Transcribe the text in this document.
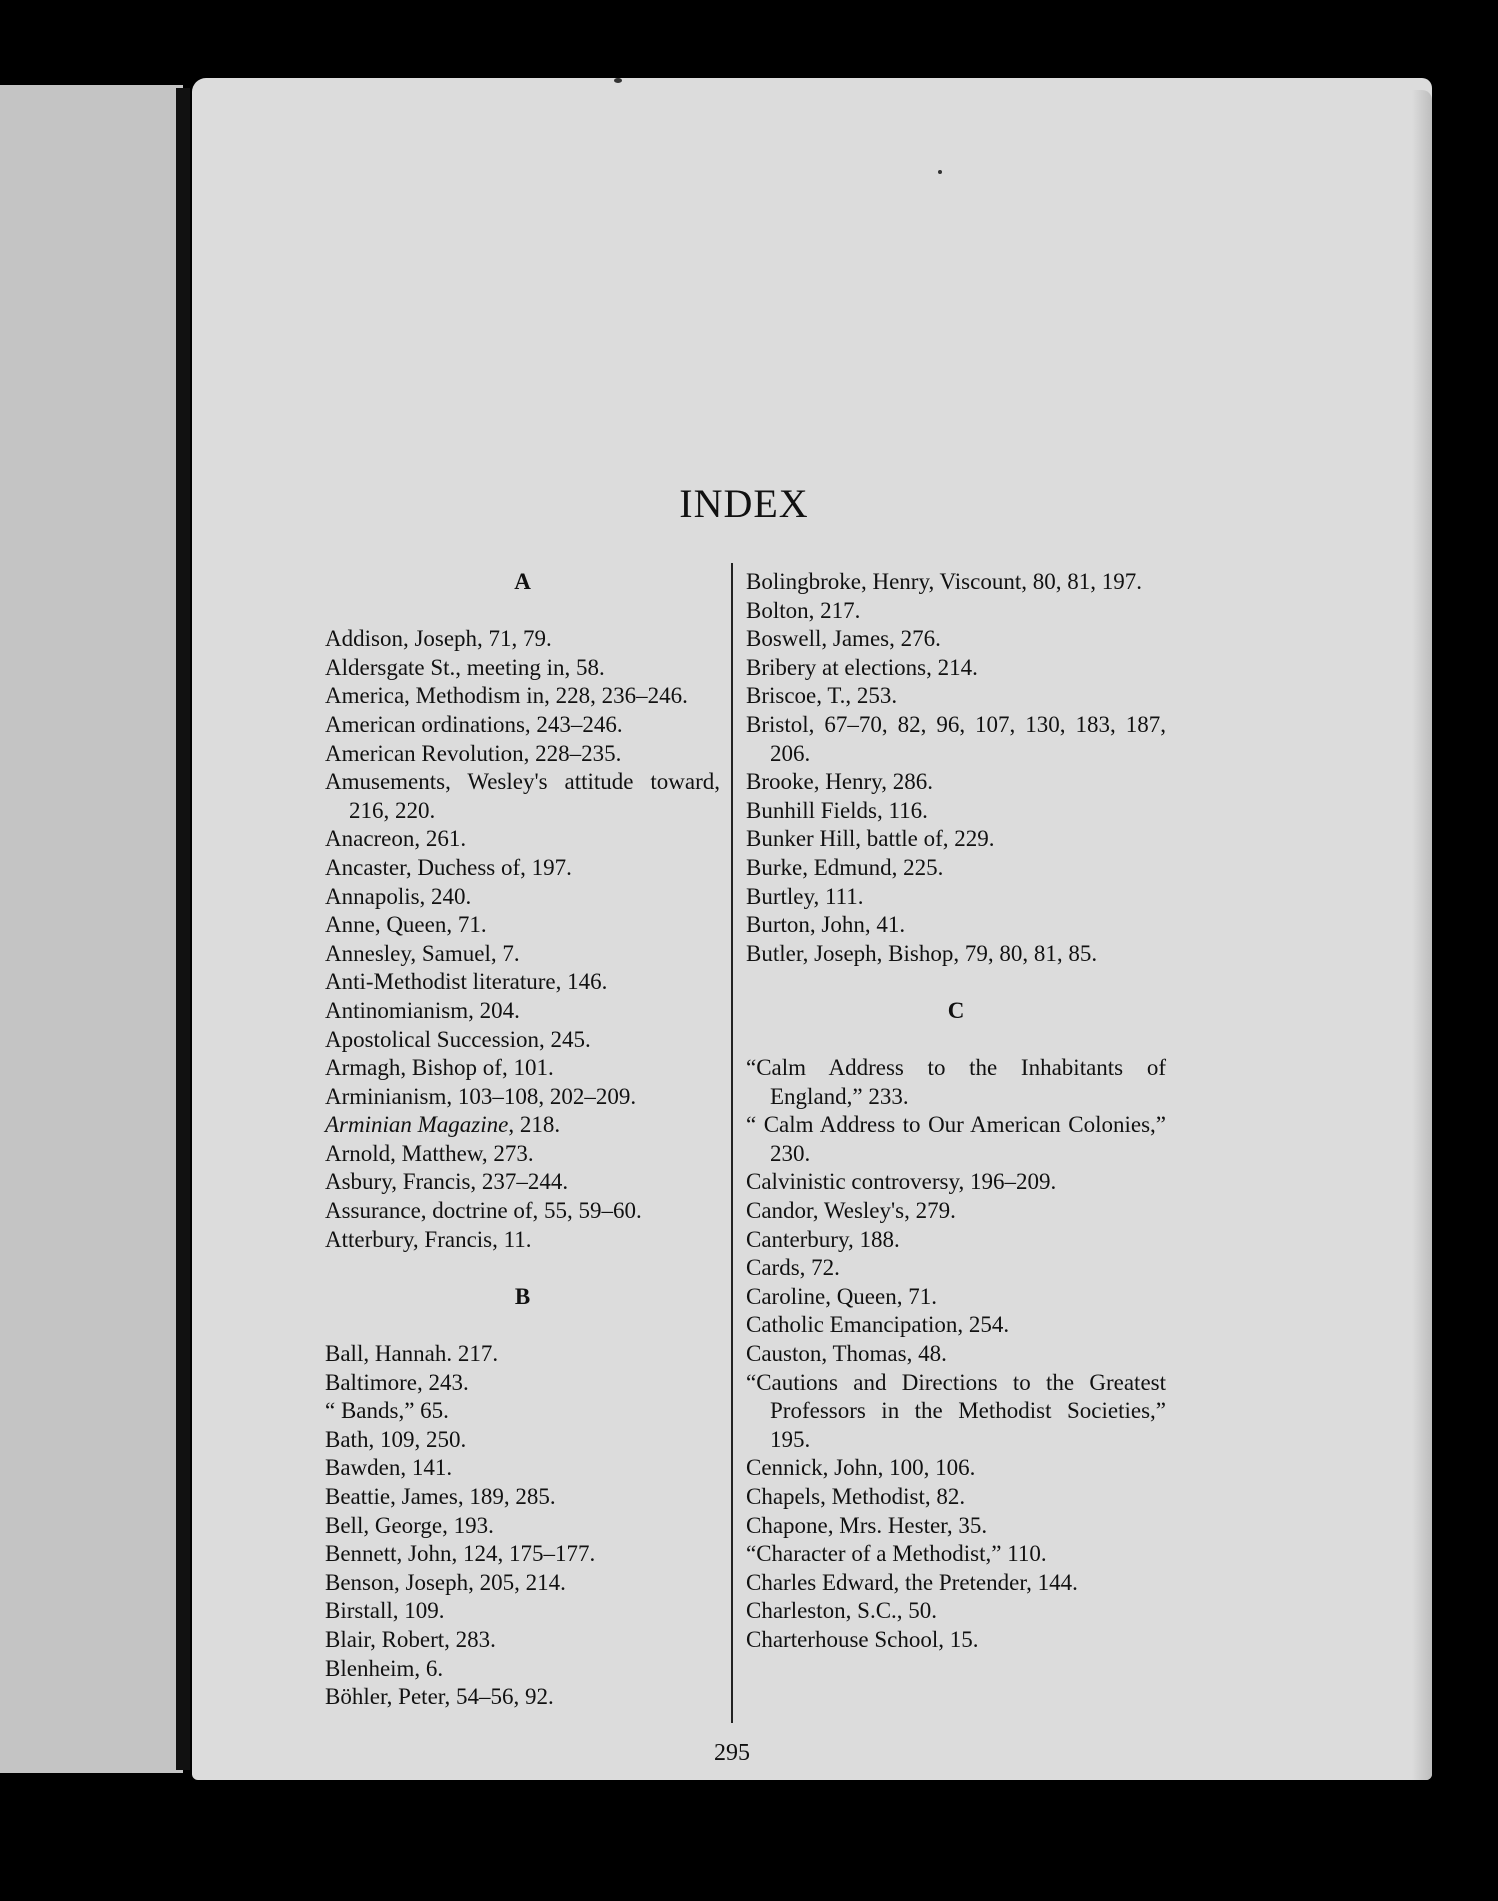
INDEX
A
Addison, Joseph, 71, 79.
Aldersgate St., meeting in, 58.
America, Methodism in, 228, 236–246.
American ordinations, 243–246.
American Revolution, 228–235.
Amusements, Wesley's attitude toward, 216, 220.
Anacreon, 261.
Ancaster, Duchess of, 197.
Annapolis, 240.
Anne, Queen, 71.
Annesley, Samuel, 7.
Anti-Methodist literature, 146.
Antinomianism, 204.
Apostolical Succession, 245.
Armagh, Bishop of, 101.
Arminianism, 103–108, 202–209.
Arminian Magazine, 218.
Arnold, Matthew, 273.
Asbury, Francis, 237–244.
Assurance, doctrine of, 55, 59–60.
Atterbury, Francis, 11.
B
Ball, Hannah. 217.
Baltimore, 243.
“ Bands,” 65.
Bath, 109, 250.
Bawden, 141.
Beattie, James, 189, 285.
Bell, George, 193.
Bennett, John, 124, 175–177.
Benson, Joseph, 205, 214.
Birstall, 109.
Blair, Robert, 283.
Blenheim, 6.
Böhler, Peter, 54–56, 92.
Bolingbroke, Henry, Viscount, 80, 81, 197.
Bolton, 217.
Boswell, James, 276.
Bribery at elections, 214.
Briscoe, T., 253.
Bristol, 67–70, 82, 96, 107, 130, 183, 187, 206.
Brooke, Henry, 286.
Bunhill Fields, 116.
Bunker Hill, battle of, 229.
Burke, Edmund, 225.
Burtley, 111.
Burton, John, 41.
Butler, Joseph, Bishop, 79, 80, 81, 85.
C
“Calm Address to the Inhabitants of England,” 233.
“ Calm Address to Our American Colonies,” 230.
Calvinistic controversy, 196–209.
Candor, Wesley's, 279.
Canterbury, 188.
Cards, 72.
Caroline, Queen, 71.
Catholic Emancipation, 254.
Causton, Thomas, 48.
“Cautions and Directions to the Greatest Professors in the Methodist Societies,” 195.
Cennick, John, 100, 106.
Chapels, Methodist, 82.
Chapone, Mrs. Hester, 35.
“Character of a Methodist,” 110.
Charles Edward, the Pretender, 144.
Charleston, S.C., 50.
Charterhouse School, 15.
295
